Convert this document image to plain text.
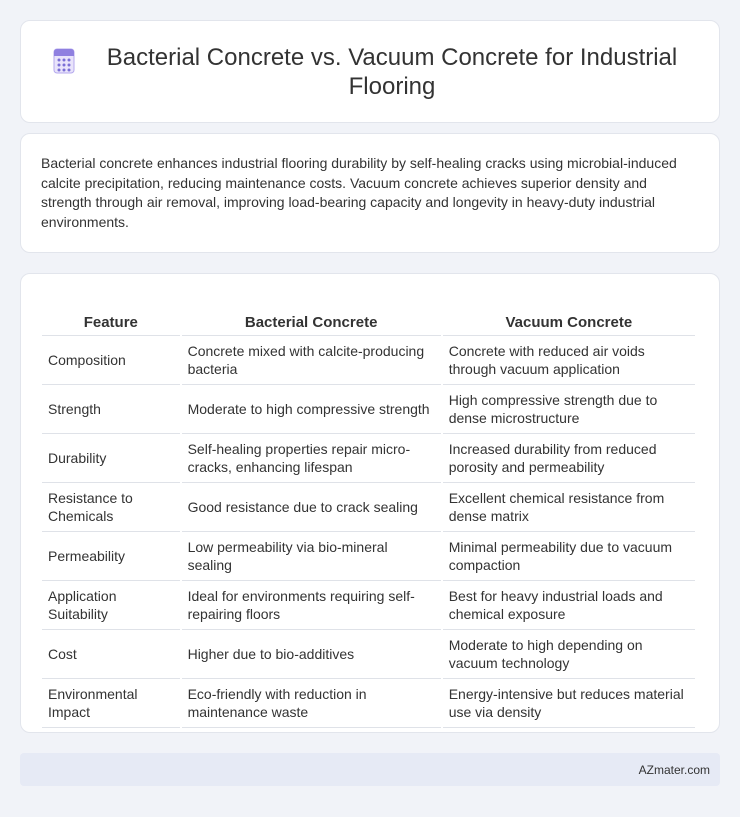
Bacterial Concrete vs. Vacuum Concrete for Industrial Flooring

Bacterial concrete enhances industrial flooring durability by self-healing cracks using microbial-induced calcite precipitation, reducing maintenance costs. Vacuum concrete achieves superior density and strength through air removal, improving load-bearing capacity and longevity in heavy-duty industrial environments.

Feature	Bacterial Concrete	Vacuum Concrete
Composition	Concrete mixed with calcite-producing bacteria	Concrete with reduced air voids through vacuum application
Strength	Moderate to high compressive strength	High compressive strength due to dense microstructure
Durability	Self-healing properties repair micro-cracks, enhancing lifespan	Increased durability from reduced porosity and permeability
Resistance to Chemicals	Good resistance due to crack sealing	Excellent chemical resistance from dense matrix
Permeability	Low permeability via bio-mineral sealing	Minimal permeability due to vacuum compaction
Application Suitability	Ideal for environments requiring self-repairing floors	Best for heavy industrial loads and chemical exposure
Cost	Higher due to bio-additives	Moderate to high depending on vacuum technology
Environmental Impact	Eco-friendly with reduction in maintenance waste	Energy-intensive but reduces material use via density
AZmater.com
